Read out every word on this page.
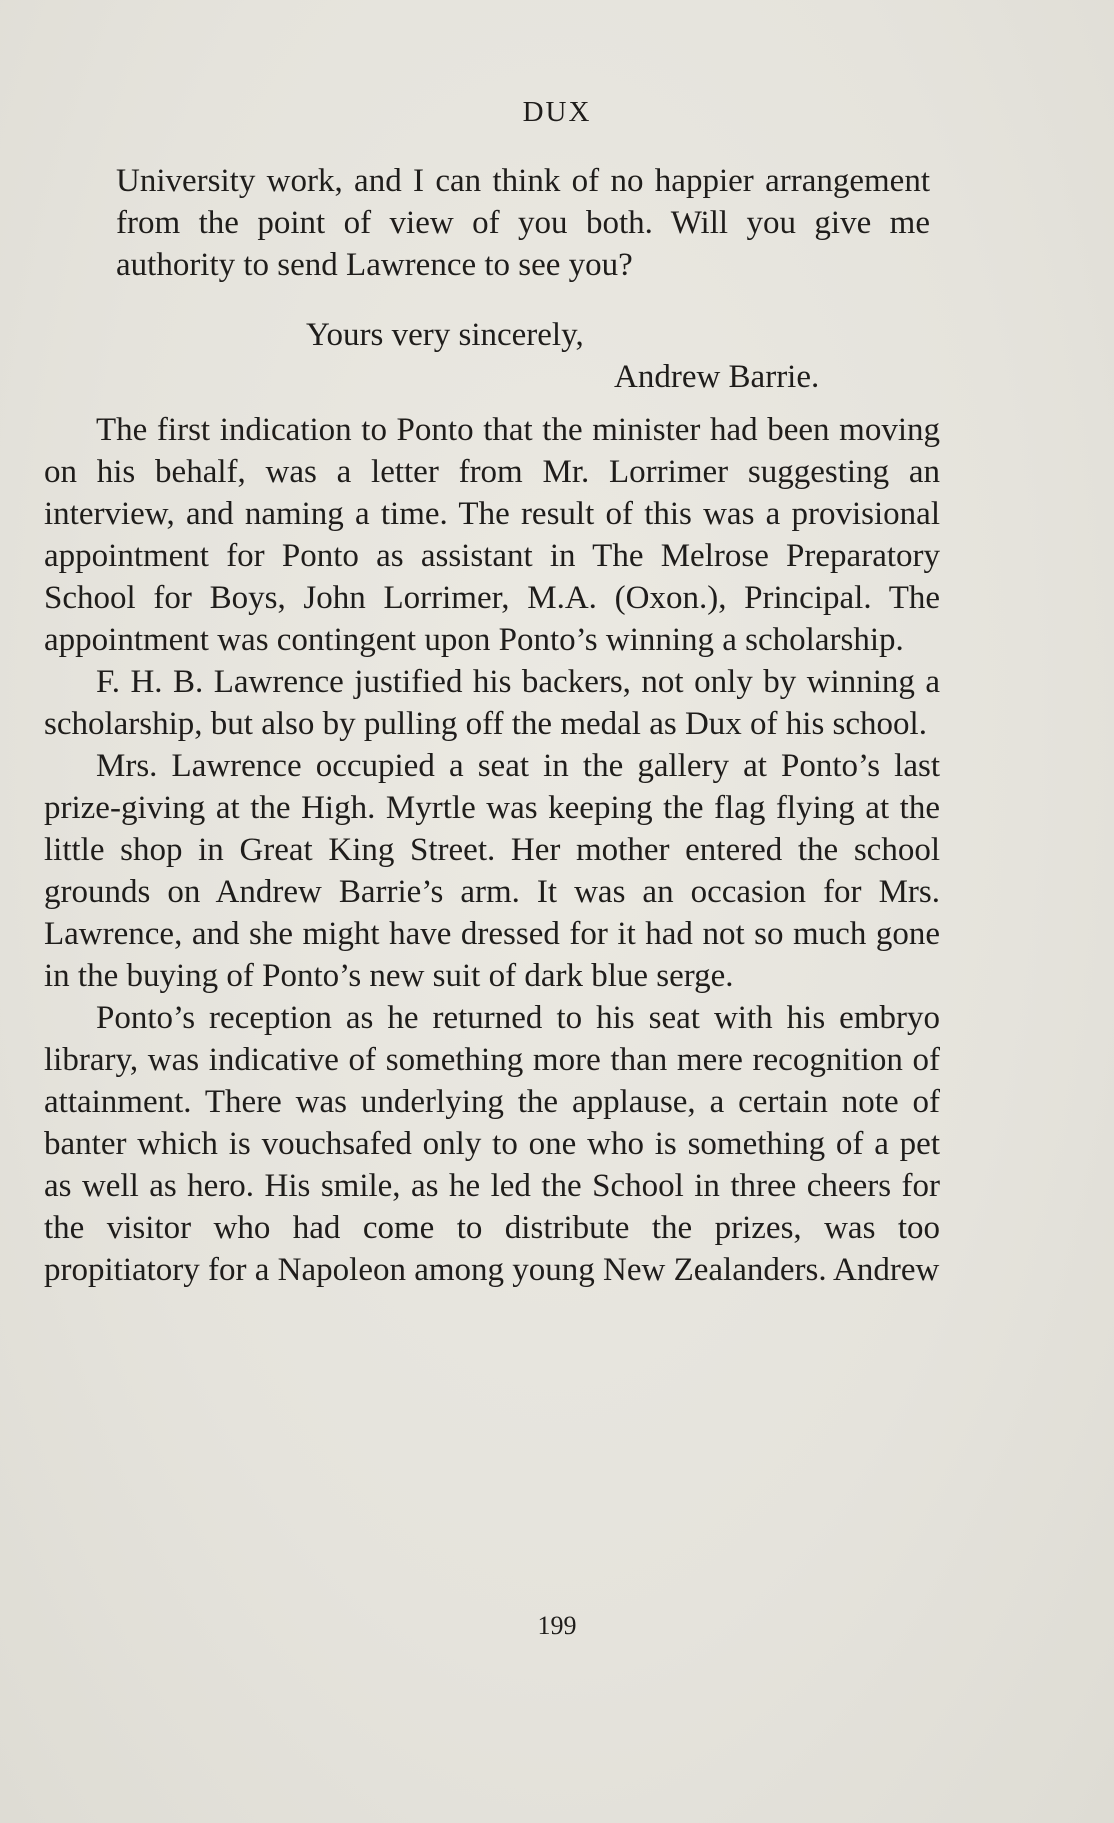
DUX
University work, and I can think of no happier arrangement from the point of view of you both. Will you give me authority to send Lawrence to see you?
Yours very sincerely,
Andrew Barrie.

The first indication to Ponto that the minister had been moving on his behalf, was a letter from Mr. Lorrimer suggesting an interview, and naming a time. The result of this was a provisional appointment for Ponto as assistant in The Melrose Preparatory School for Boys, John Lorrimer, M.A. (Oxon.), Principal. The appointment was contingent upon Ponto’s winning a scholarship.

F. H. B. Lawrence justified his backers, not only by winning a scholarship, but also by pulling off the medal as Dux of his school.

Mrs. Lawrence occupied a seat in the gallery at Ponto’s last prize-giving at the High. Myrtle was keeping the flag flying at the little shop in Great King Street. Her mother entered the school grounds on Andrew Barrie’s arm. It was an occasion for Mrs. Lawrence, and she might have dressed for it had not so much gone in the buying of Ponto’s new suit of dark blue serge.

Ponto’s reception as he returned to his seat with his embryo library, was indicative of something more than mere recognition of attainment. There was underlying the applause, a certain note of banter which is vouchsafed only to one who is something of a pet as well as hero. His smile, as he led the School in three cheers for the visitor who had come to distribute the prizes, was too propitiatory for a Napoleon among young New Zealanders. Andrew

199
